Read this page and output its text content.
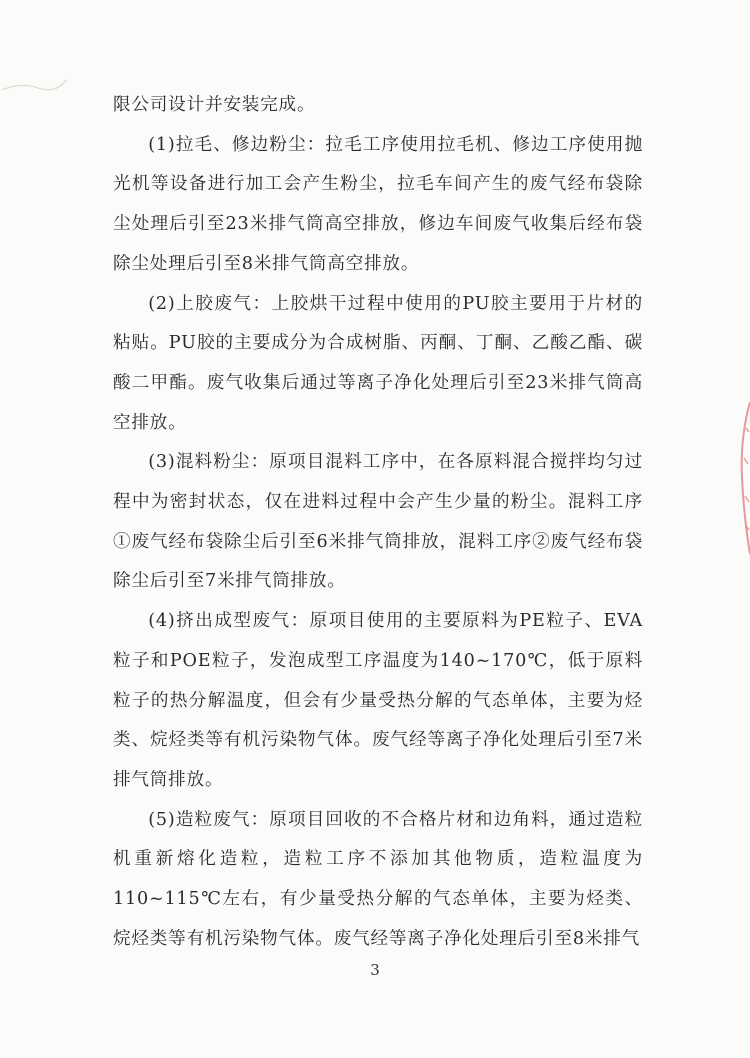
限公司设计并安装完成。

(1)拉毛、修边粉尘：拉毛工序使用拉毛机、修边工序使用抛光机等设备进行加工会产生粉尘，拉毛车间产生的废气经布袋除尘处理后引至23米排气筒高空排放，修边车间废气收集后经布袋除尘处理后引至8米排气筒高空排放。

(2)上胶废气：上胶烘干过程中使用的PU胶主要用于片材的粘贴。PU胶的主要成分为合成树脂、丙酮、丁酮、乙酸乙酯、碳酸二甲酯。废气收集后通过等离子净化处理后引至23米排气筒高空排放。

(3)混料粉尘：原项目混料工序中，在各原料混合搅拌均匀过程中为密封状态，仅在进料过程中会产生少量的粉尘。混料工序①废气经布袋除尘后引至6米排气筒排放，混料工序②废气经布袋除尘后引至7米排气筒排放。

(4)挤出成型废气：原项目使用的主要原料为PE粒子、EVA粒子和POE粒子，发泡成型工序温度为140~170℃，低于原料粒子的热分解温度，但会有少量受热分解的气态单体，主要为烃类、烷烃类等有机污染物气体。废气经等离子净化处理后引至7米排气筒排放。

(5)造粒废气：原项目回收的不合格片材和边角料，通过造粒机重新熔化造粒，造粒工序不添加其他物质，造粒温度为110~115℃左右，有少量受热分解的气态单体，主要为烃类、烷烃类等有机污染物气体。废气经等离子净化处理后引至8米排气

3
